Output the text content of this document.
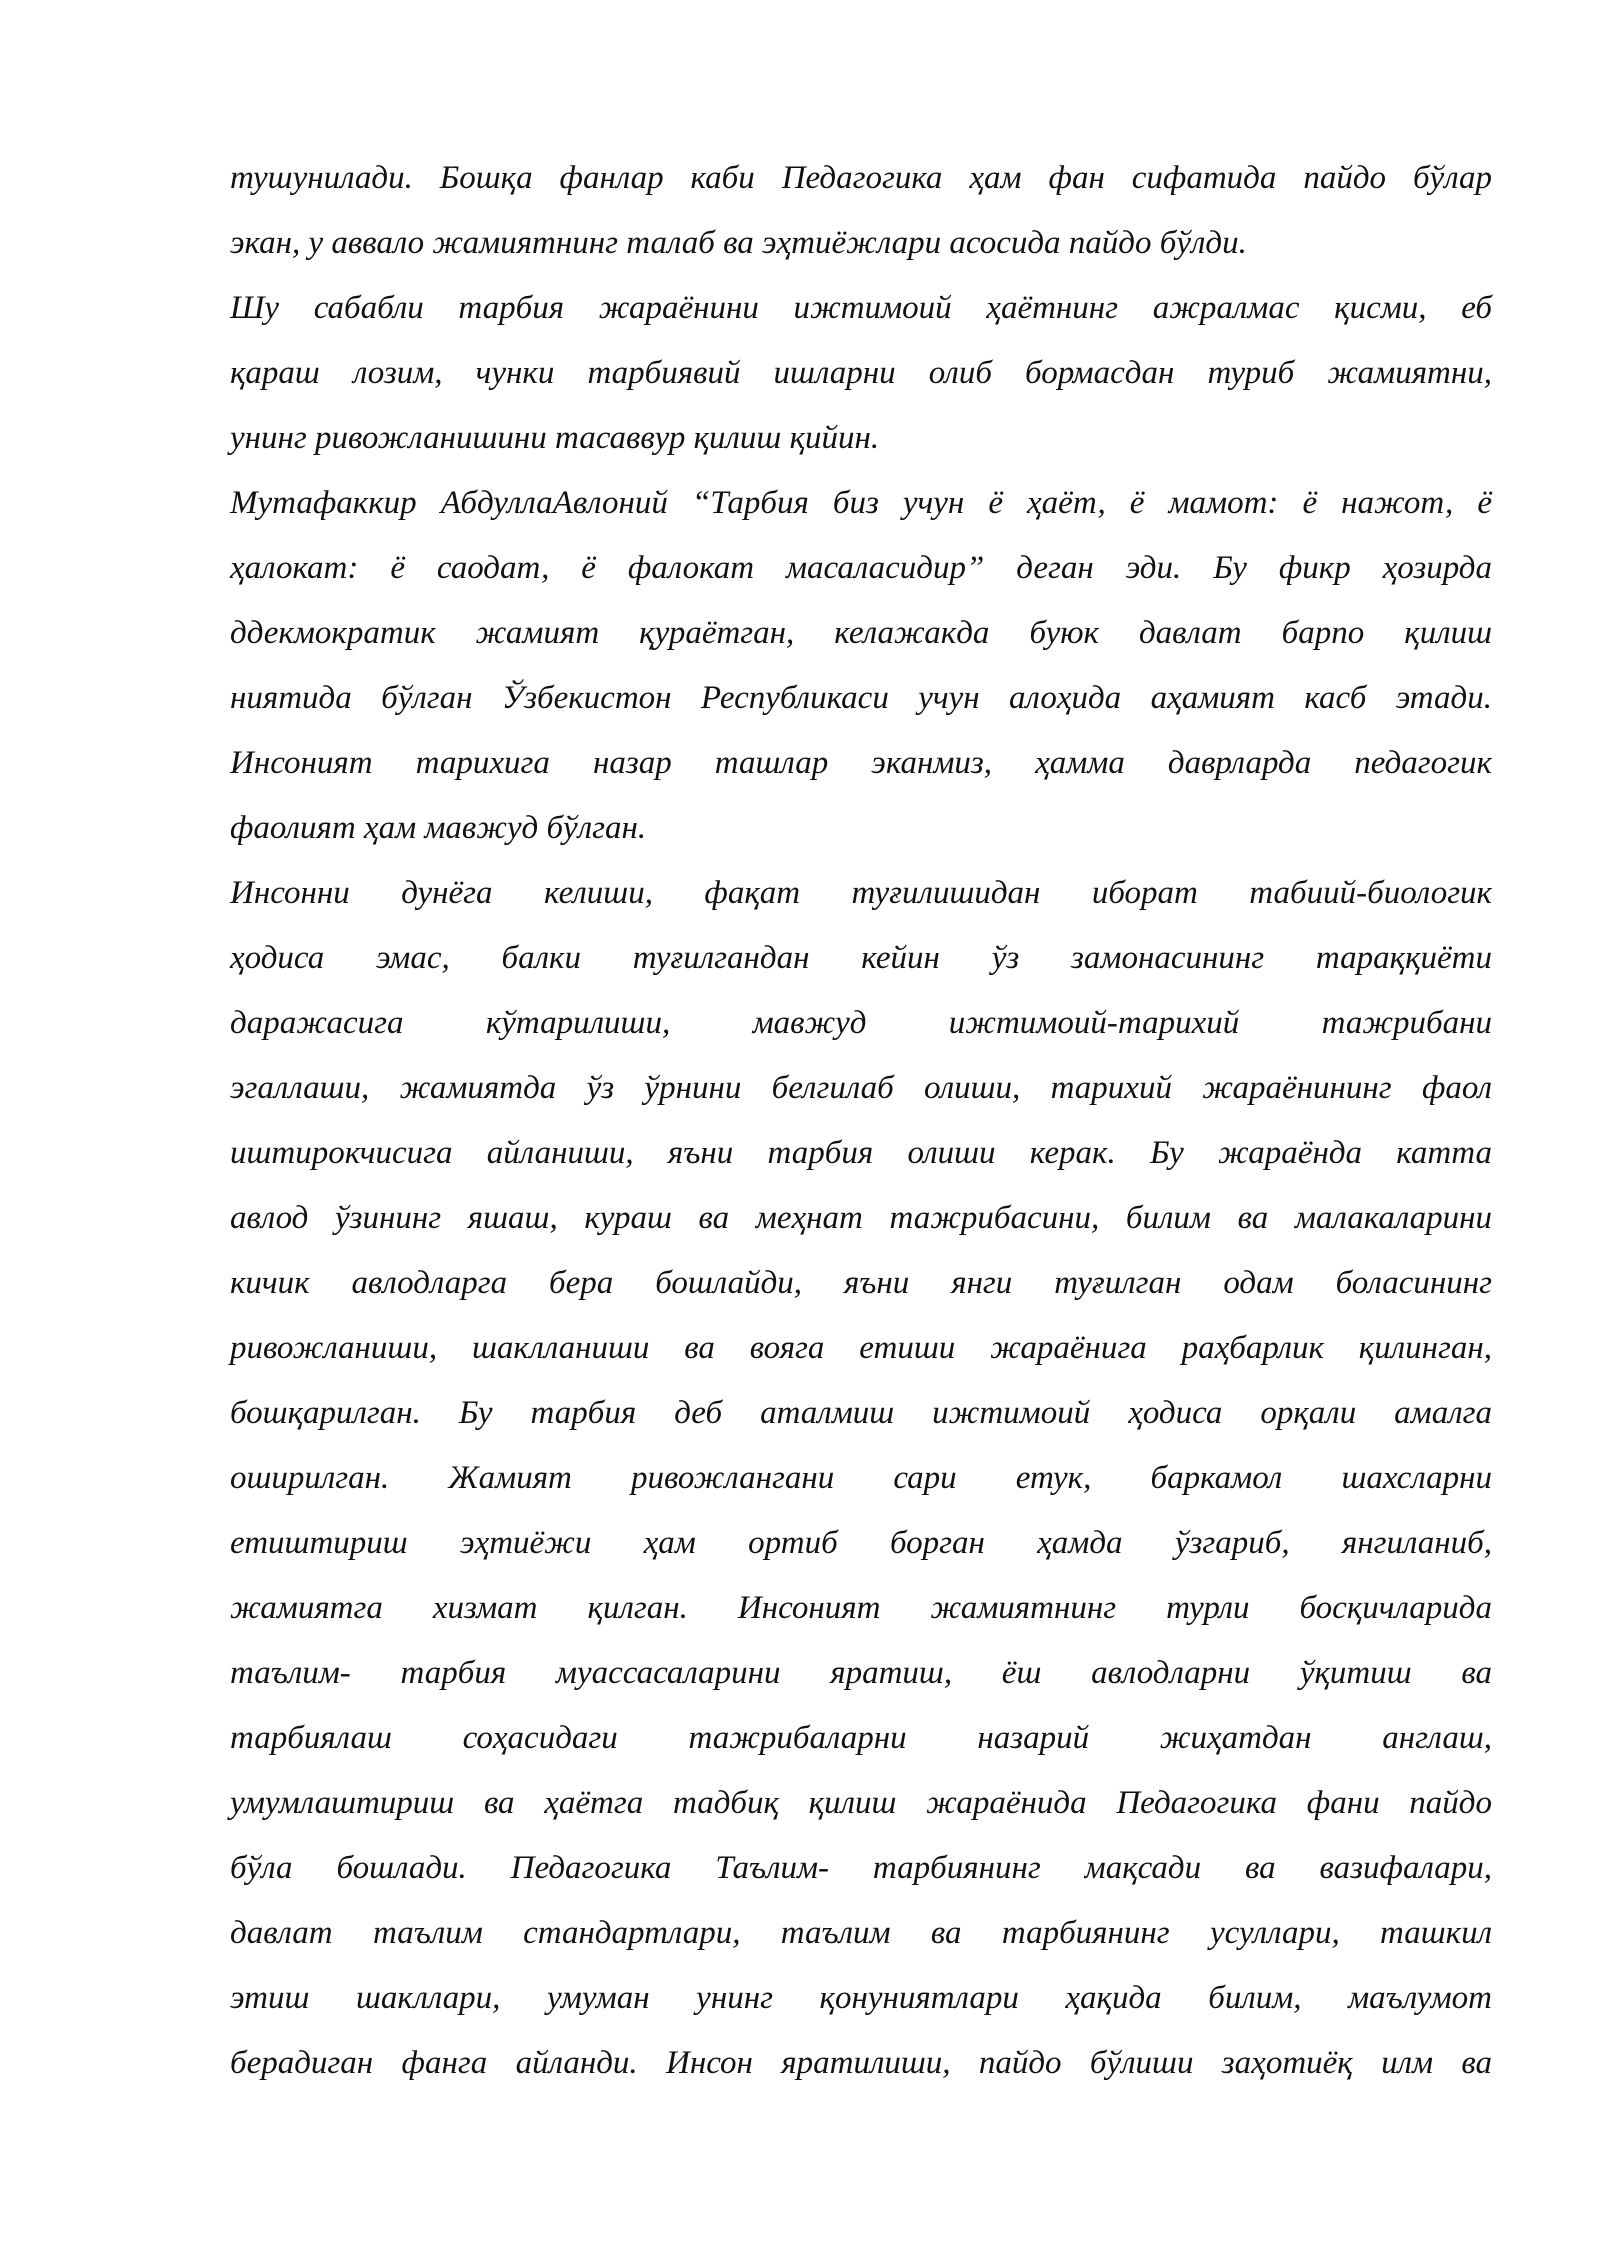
тушунилади. Бошқа фанлар каби Педагогика ҳам фан сифатида пайдо бўлар
экан, у аввало жамиятнинг талаб ва эҳтиёжлари асосида пайдо бўлди.
Шу сабабли тарбия жараёнини ижтимоий ҳаётнинг ажралмас қисми, еб
қараш лозим, чунки тарбиявий ишларни олиб бормасдан туриб жамиятни,
унинг ривожланишини тасаввур қилиш қийин.
Мутафаккир АбдуллаАвлоний “Тарбия биз учун ё ҳаёт, ё мамот: ё нажот, ё
ҳалокат: ё саодат, ё фалокат масаласидир” деган эди. Бу фикр ҳозирда
ддекмократик жамият қураётган, келажакда буюк давлат барпо қилиш
ниятида бўлган Ўзбекистон Республикаси учун алоҳида аҳамият касб этади.
Инсоният тарихига назар ташлар эканмиз, ҳамма даврларда педагогик
фаолият ҳам мавжуд бўлган.
Инсонни дунёга келиши, фақат туғилишидан иборат табиий-биологик
ҳодиса эмас, балки туғилгандан кейин ўз замонасининг тараққиёти
даражасига кўтарилиши, мавжуд ижтимоий-тарихий тажрибани
эгаллаши, жамиятда ўз ўрнини белгилаб олиши, тарихий жараёнининг фаол
иштирокчисига айланиши, яъни тарбия олиши керак. Бу жараёнда катта
авлод ўзининг яшаш, кураш ва меҳнат тажрибасини, билим ва малакаларини
кичик авлодларга бера бошлайди, яъни янги туғилган одам боласининг
ривожланиши, шаклланиши ва вояга етиши жараёнига раҳбарлик қилинган,
бошқарилган. Бу тарбия деб аталмиш ижтимоий ҳодиса орқали амалга
оширилган. Жамият ривожлангани сари етук, баркамол шахсларни
етиштириш эҳтиёжи ҳам ортиб борган ҳамда ўзгариб, янгиланиб,
жамиятга хизмат қилган. Инсоният жамиятнинг турли босқичларида
таълим- тарбия муассасаларини яратиш, ёш авлодларни ўқитиш ва
тарбиялаш соҳасидаги тажрибаларни назарий жиҳатдан англаш,
умумлаштириш ва ҳаётга тадбиқ қилиш жараёнида Педагогика фани пайдо
бўла бошлади. Педагогика Таълим- тарбиянинг мақсади ва вазифалари,
давлат таълим стандартлари, таълим ва тарбиянинг усуллари, ташкил
этиш шакллари, умуман унинг қонуниятлари ҳақида билим, маълумот
берадиган фанга айланди. Инсон яратилиши, пайдо бўлиши заҳотиёқ илм ва
